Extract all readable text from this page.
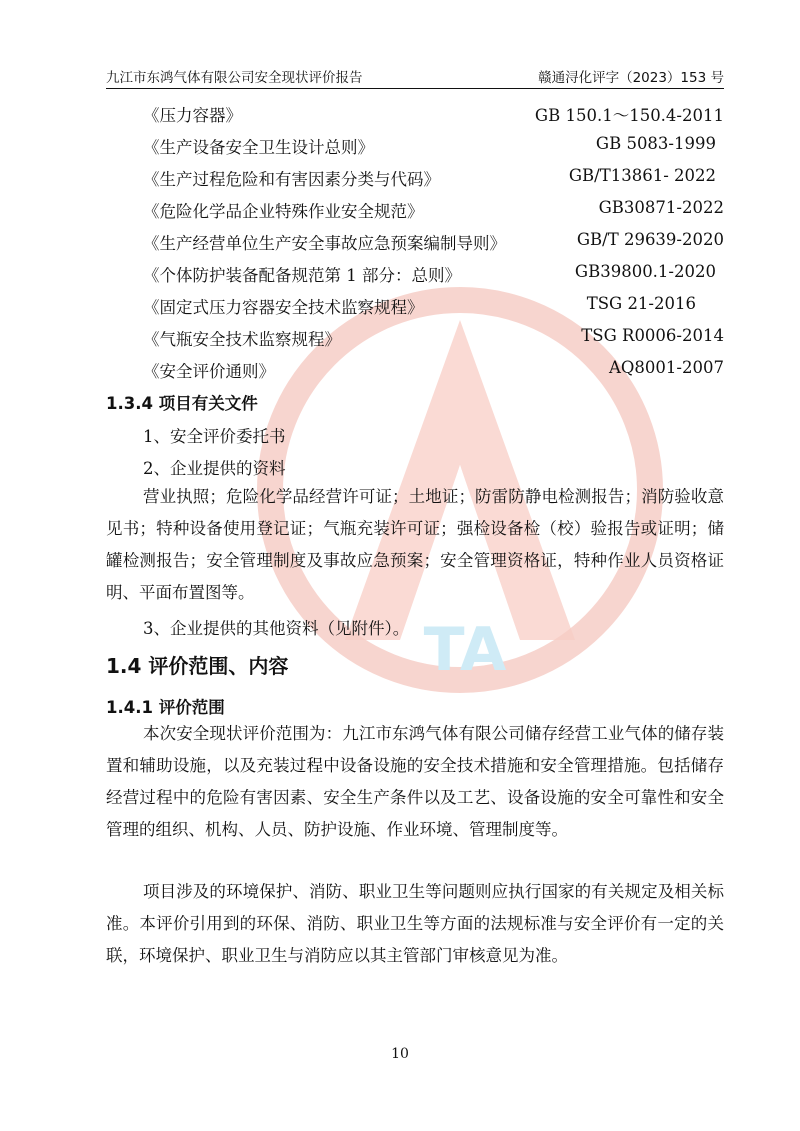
TA
九江市东鸿气体有限公司安全现状评价报告	赣通浔化评字（2023）153 号
《压力容器》	GB 150.1～150.4-2011
《生产设备安全卫生设计总则》	GB 5083-1999
《生产过程危险和有害因素分类与代码》	GB/T13861- 2022
《危险化学品企业特殊作业安全规范》	GB30871-2022
《生产经营单位生产安全事故应急预案编制导则》	GB/T 29639-2020
《个体防护装备配备规范第 1 部分：总则》	GB39800.1-2020
《固定式压力容器安全技术监察规程》	TSG 21-2016
《气瓶安全技术监察规程》	TSG R0006-2014
《安全评价通则》	AQ8001-2007
1.3.4 项目有关文件
1、安全评价委托书
2、企业提供的资料

营业执照；危险化学品经营许可证；土地证；防雷防静电检测报告；消防验收意见书；特种设备使用登记证；气瓶充装许可证；强检设备检（校）验报告或证明；储罐检测报告；安全管理制度及事故应急预案；安全管理资格证，特种作业人员资格证明、平面布置图等。

3、企业提供的其他资料（见附件）。
1.4 评价范围、内容
1.4.1 评价范围

本次安全现状评价范围为：九江市东鸿气体有限公司储存经营工业气体的储存装置和辅助设施，以及充装过程中设备设施的安全技术措施和安全管理措施。包括储存经营过程中的危险有害因素、安全生产条件以及工艺、设备设施的安全可靠性和安全管理的组织、机构、人员、防护设施、作业环境、管理制度等。

项目涉及的环境保护、消防、职业卫生等问题则应执行国家的有关规定及相关标准。本评价引用到的环保、消防、职业卫生等方面的法规标准与安全评价有一定的关联，环境保护、职业卫生与消防应以其主管部门审核意见为准。

10
